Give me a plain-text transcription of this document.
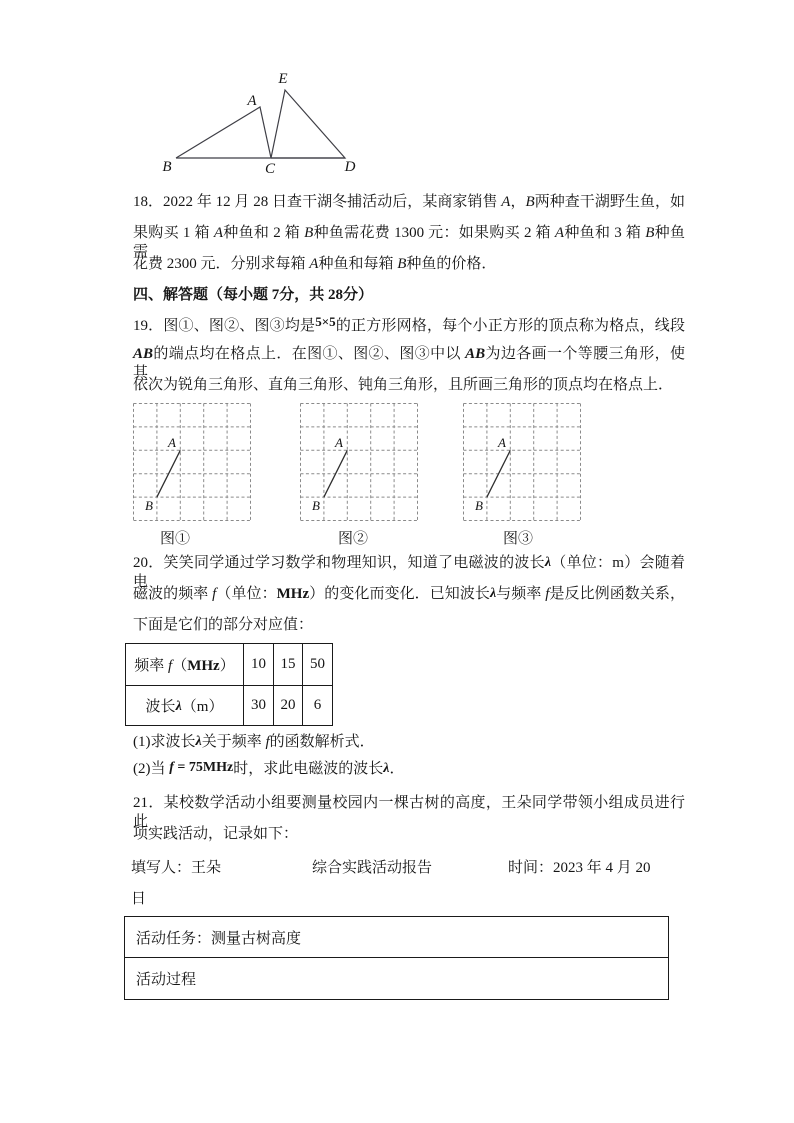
A
E
B	C	D
18．2022 年 12 月 28 日查干湖冬捕活动后，某商家销售 A，B两种查干湖野生鱼，如
果购买 1 箱 A种鱼和 2 箱 B种鱼需花费 1300 元：如果购买 2 箱 A种鱼和 3 箱 B种鱼需
花费 2300 元．分别求每箱 A种鱼和每箱 B种鱼的价格．
四、解答题（每小题 7分，共 28分）
19．图①、图②、图③均是5×5的正方形网格，每个小正方形的顶点称为格点，线段
AB的端点均在格点上．在图①、图②、图③中以 AB为边各画一个等腰三角形，使其
依次为锐角三角形、直角三角形、钝角三角形，且所画三角形的顶点均在格点上．
A
B
A
B
A
B
图①	图②	图③
20．笑笑同学通过学习数学和物理知识，知道了电磁波的波长λ（单位：m）会随着电
磁波的频率 f（单位：MHz）的变化而变化．已知波长λ与频率 f是反比例函数关系，
下面是它们的部分对应值：
频率 f（MHz）	10	15	50
波长λ（m）	30	20	6
(1)求波长λ关于频率 f的函数解析式．
(2)当 f = 75MHz时，求此电磁波的波长λ．
21．某校数学活动小组要测量校园内一棵古树的高度，王朵同学带领小组成员进行此
项实践活动，记录如下：
填写人：王朵	综合实践活动报告	时间：2023 年 4 月 20
日
活动任务：测量古树高度
活动过程
